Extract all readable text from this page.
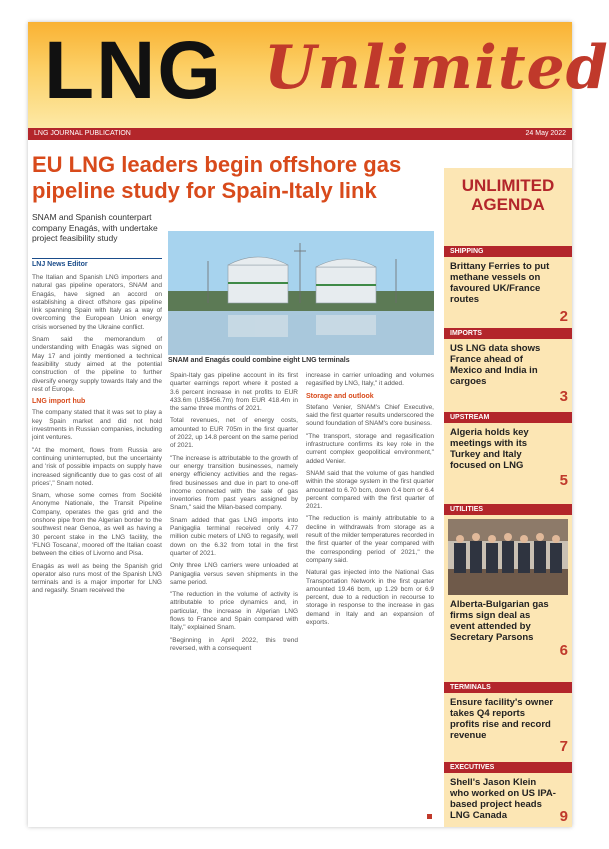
LNG Unlimited
LNG JOURNAL PUBLICATION	24 May 2022
EU LNG leaders begin offshore gas pipeline study for Spain-Italy link
SNAM and Spanish counterpart company Enagás, with undertake project feasibility study
LNJ News Editor
SNAM and Enagás could combine eight LNG terminals

The Italian and Spanish LNG importers and natural gas pipeline operators, SNAM and Enagás, have signed an accord on establishing a direct offshore gas pipeline link spanning Spain with Italy as a way of overcoming the European Union energy crisis worsened by the Ukraine conflict.

Snam said the memorandum of understanding with Enagás was signed on May 17 and jointly mentioned a technical feasibility study aimed at the potential construction of the pipeline to further diversify energy supply towards Italy and the rest of Europe.

LNG import hub

The company stated that it was set to play a key Spain market and did not hold investments in Russian companies, including joint ventures.

"At the moment, flows from Russia are continuing uninterrupted, but the uncertainty and 'risk of possible impacts on supply have increased significantly due to gas cost of all prices'," Snam noted.

Snam, whose some comes from Société Anonyme Nationale, the Transit Pipeline Company, operates the gas grid and the onshore pipe from the Algerian border to the southwest near Genoa, as well as having a 30 percent stake in the LNG facility, the 'FLNG Toscana', moored off the Italian coast between the cities of Livorno and Pisa.

Enagás as well as being the Spanish grid operator also runs most of the Spanish LNG terminals and is a major importer for LNG and regasify. Snam received the

Spain-Italy gas pipeline account in its first quarter earnings report where it posted a 3.6 percent increase in net profits to EUR 433.6m (US$456.7m) from EUR 418.4m in the same three months of 2021.

Total revenues, net of energy costs, amounted to EUR 705m in the first quarter of 2022, up 14.8 percent on the same period of 2021.

"The increase is attributable to the growth of our energy transition businesses, namely energy efficiency activities and the regas-fired businesses and due in part to one-off income connected with the sale of gas inventories from past years assigned by Snam," said the Milan-based company.

Snam added that gas LNG imports into Panigaglia terminal received only 4.77 million cubic meters of LNG to regasify, well down on the 6.32 from total in the first quarter of 2021.

Only three LNG carriers were unloaded at Panigaglia versus seven shipments in the same period.

"The reduction in the volume of activity is attributable to price dynamics and, in particular, the increase in Algerian LNG flows to France and Spain compared with Italy," explained Snam.

"Beginning in April 2022, this trend reversed, with a consequent

increase in carrier unloading and volumes regasified by LNG, Italy," it added.

Storage and outlook

Stefano Venier, SNAM's Chief Executive, said the first quarter results underscored the sound foundation of SNAM's core business.

"The transport, storage and regasification infrastructure confirms its key role in the current complex geopolitical environment," added Venier.

SNAM said that the volume of gas handled within the storage system in the first quarter amounted to 6.70 bcm, down 0.4 bcm or 6.4 percent compared with the first quarter of 2021.

"The reduction is mainly attributable to a decline in withdrawals from storage as a result of the milder temperatures recorded in the first quarter of the year compared with the corresponding period of 2021," the company said.

Natural gas injected into the National Gas Transportation Network in the first quarter amounted 19.46 bcm, up 1.29 bcm or 6.9 percent, due to a reduction in recourse to storage in response to the increase in gas demand in Italy and an expansion of exports.

UNLIMITED AGENDA
SHIPPING
Brittany Ferries to put methane vessels on favoured UK/France routes
2
IMPORTS
US LNG data shows France ahead of Mexico and India in cargoes
3
UPSTREAM
Algeria holds key meetings with its Turkey and Italy focused on LNG
5
UTILITIES
Alberta-Bulgarian gas firms sign deal as event attended by Secretary Parsons
6
TERMINALS
Ensure facility's owner takes Q4 reports profits rise and record revenue
7
EXECUTIVES
Shell's Jason Klein who worked on US IPA-based project heads LNG Canada	9
